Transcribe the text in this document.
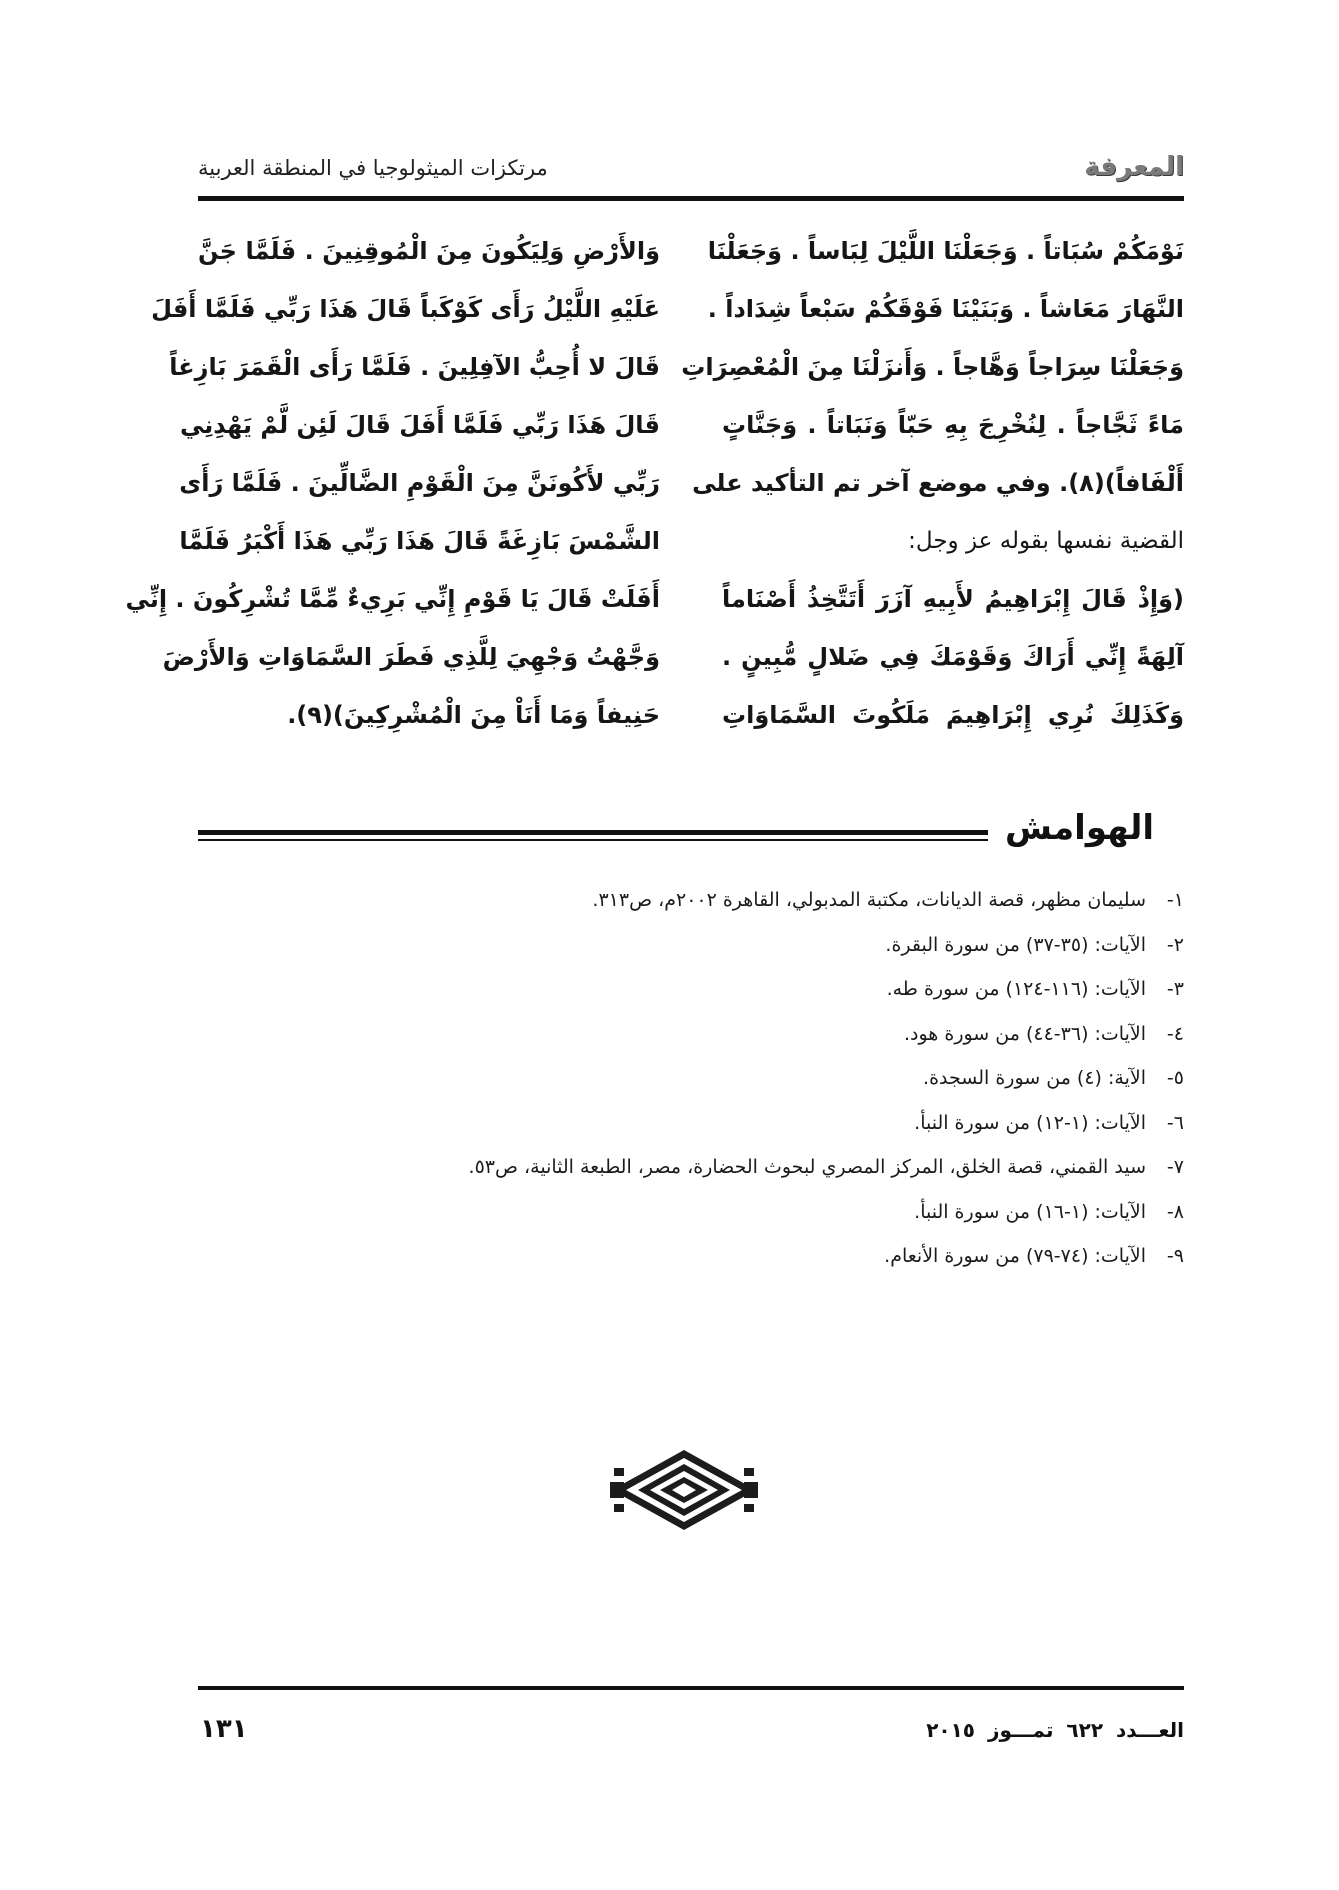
المعرفة
مرتكزات الميثولوجيا في المنطقة العربية
نَوْمَكُمْ سُبَاتاً . وَجَعَلْنَا اللَّيْلَ لِبَاساً . وَجَعَلْنَا
النَّهَارَ مَعَاشاً . وَبَنَيْنَا فَوْقَكُمْ سَبْعاً شِدَاداً .
وَجَعَلْنَا سِرَاجاً وَهَّاجاً . وَأَنزَلْنَا مِنَ الْمُعْصِرَاتِ
مَاءً ثَجَّاجاً . لِنُخْرِجَ بِهِ حَبّاً وَنَبَاتاً . وَجَنَّاتٍ
أَلْفَافاً)(٨). وفي موضع آخر تم التأكيد على
القضية نفسها بقوله عز وجل:
(وَإِذْ قَالَ إِبْرَاهِيمُ لأَبِيهِ آزَرَ أَتَتَّخِذُ أَصْنَاماً
آلِهَةً إِنِّي أَرَاكَ وَقَوْمَكَ فِي ضَلالٍ مُّبِينٍ .
وَكَذَلِكَ نُرِي إِبْرَاهِيمَ مَلَكُوتَ السَّمَاوَاتِ
وَالأَرْضِ وَلِيَكُونَ مِنَ الْمُوقِنِينَ . فَلَمَّا جَنَّ
عَلَيْهِ اللَّيْلُ رَأَى كَوْكَباً قَالَ هَذَا رَبِّي فَلَمَّا أَفَلَ
قَالَ لا أُحِبُّ الآفِلِينَ . فَلَمَّا رَأَى الْقَمَرَ بَازِغاً
قَالَ هَذَا رَبِّي فَلَمَّا أَفَلَ قَالَ لَئِن لَّمْ يَهْدِنِي
رَبِّي لأَكُونَنَّ مِنَ الْقَوْمِ الضَّالِّينَ . فَلَمَّا رَأَى
الشَّمْسَ بَازِغَةً قَالَ هَذَا رَبِّي هَذَا أَكْبَرُ فَلَمَّا
أَفَلَتْ قَالَ يَا قَوْمِ إِنِّي بَرِيءٌ مِّمَّا تُشْرِكُونَ . إِنِّي
وَجَّهْتُ وَجْهِيَ لِلَّذِي فَطَرَ السَّمَاوَاتِ وَالأَرْضَ
حَنِيفاً وَمَا أَنَاْ مِنَ الْمُشْرِكِينَ)(٩).
الهوامش
١-سليمان مظهر، قصة الديانات، مكتبة المدبولي، القاهرة ٢٠٠٢م، ص٣١٣.
٢-الآيات: (٣٥-٣٧) من سورة البقرة.
٣-الآيات: (١١٦-١٢٤) من سورة طه.
٤-الآيات: (٣٦-٤٤) من سورة هود.
٥-الآية: (٤) من سورة السجدة.
٦-الآيات: (١-١٢) من سورة النبأ.
٧-سيد القمني، قصة الخلق، المركز المصري لبحوث الحضارة، مصر، الطبعة الثانية، ص٥٣.
٨-الآيات: (١-١٦) من سورة النبأ.
٩-الآيات: (٧٤-٧٩) من سورة الأنعام.
العـــدد ٦٢٢ تمـــوز ٢٠١٥
١٣١
